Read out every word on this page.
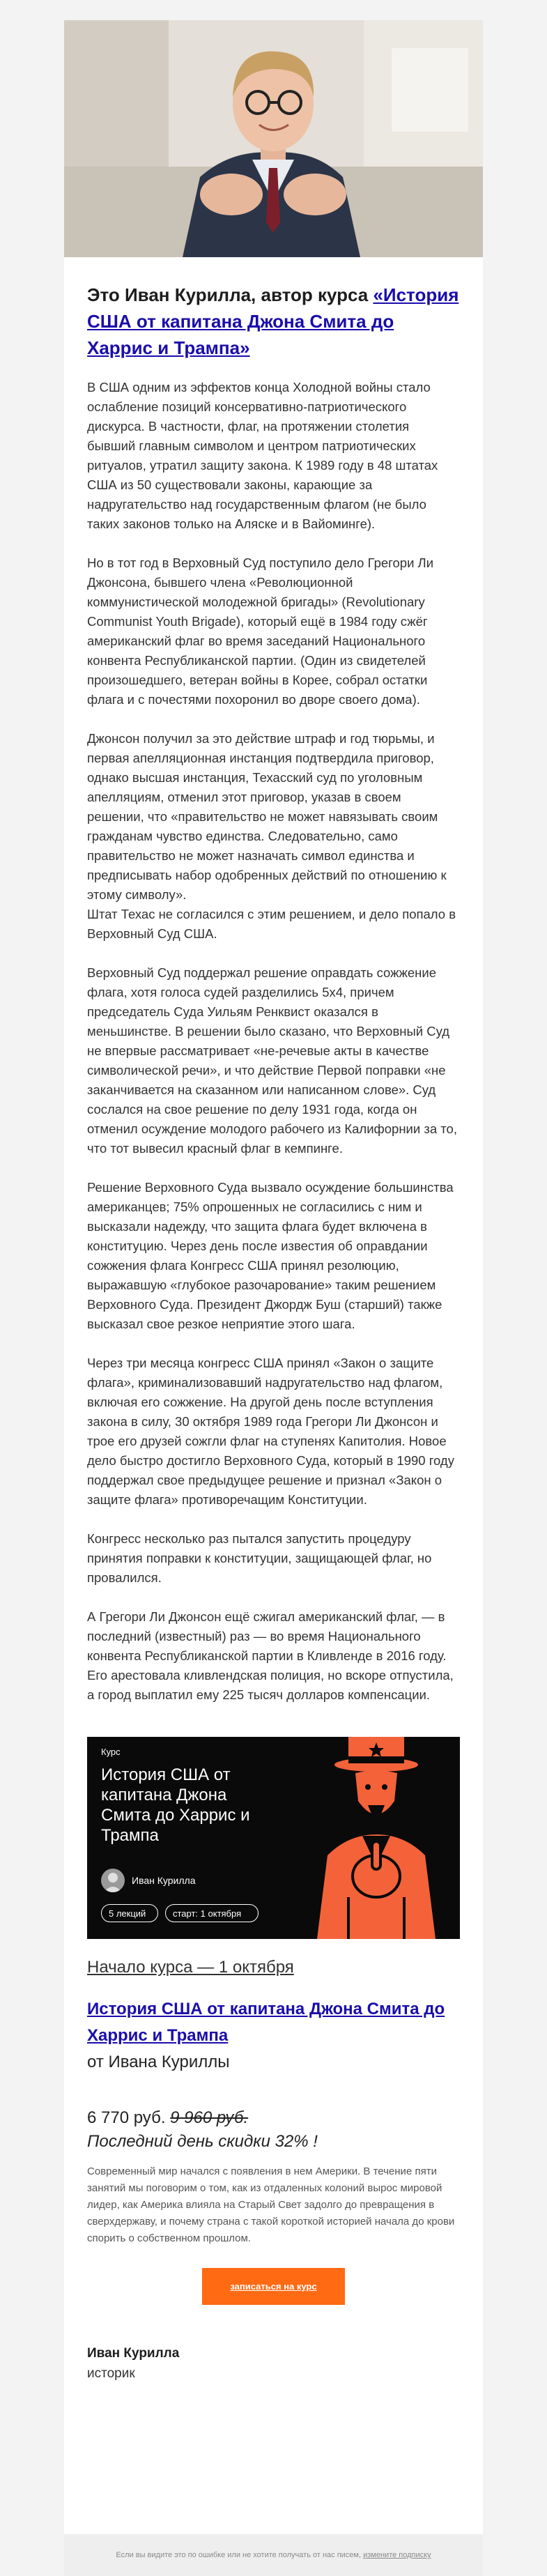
Это Иван Курилла, автор курса «История США от капитана Джона Смита до Харрис и Трампа»

В США одним из эффектов конца Холодной войны стало ослабление позиций консервативно-патриотического дискурса. В частности, флаг, на протяжении столетия бывший главным символом и центром патриотических ритуалов, утратил защиту закона. К 1989 году в 48 штатах США из 50 существовали законы, карающие за надругательство над государственным флагом (не было таких законов только на Аляске и в Вайоминге).

Но в тот год в Верховный Суд поступило дело Грегори Ли Джонсона, бывшего члена «Революционной коммунистической молодежной бригады» (Revolutionary Communist Youth Brigade), который ещё в 1984 году сжёг американский флаг во время заседаний Национального конвента Республиканской партии. (Один из свидетелей произошедшего, ветеран войны в Корее, собрал остатки флага и с почестями похоронил во дворе своего дома).

Джонсон получил за это действие штраф и год тюрьмы, и первая апелляционная инстанция подтвердила приговор, однако высшая инстанция, Техасский суд по уголовным апелляциям, отменил этот приговор, указав в своем решении, что «правительство не может навязывать своим гражданам чувство единства. Следовательно, само правительство не может назначать символ единства и предписывать набор одобренных действий по отношению к этому символу».

Штат Техас не согласился с этим решением, и дело попало в Верховный Суд США.

Верховный Суд поддержал решение оправдать сожжение флага, хотя голоса судей разделились 5x4, причем председатель Суда Уильям Ренквист оказался в меньшинстве. В решении было сказано, что Верховный Суд не впервые рассматривает «не-речевые акты в качестве символической речи», и что действие Первой поправки «не заканчивается на сказанном или написанном слове». Суд сослался на свое решение по делу 1931 года, когда он отменил осуждение молодого рабочего из Калифорнии за то, что тот вывесил красный флаг в кемпинге.

Решение Верховного Суда вызвало осуждение большинства американцев; 75% опрошенных не согласились с ним и высказали надежду, что защита флага будет включена в конституцию. Через день после известия об оправдании сожжения флага Конгресс США принял резолюцию, выражавшую «глубокое разочарование» таким решением Верховного Суда. Президент Джордж Буш (старший) также высказал свое резкое неприятие этого шага.

Через три месяца конгресс США принял «Закон о защите флага», криминализовавший надругательство над флагом, включая его сожжение. На другой день после вступления закона в силу, 30 октября 1989 года Грегори Ли Джонсон и трое его друзей сожгли флаг на ступенях Капитолия. Новое дело быстро достигло Верховного Суда, который в 1990 году поддержал свое предыдущее решение и признал «Закон о защите флага» противоречащим Конституции.

Конгресс несколько раз пытался запустить процедуру принятия поправки к конституции, защищающей флаг, но провалился.

А Грегори Ли Джонсон ещё сжигал американский флаг, — в последний (известный) раз — во время Национального конвента Республиканской партии в Кливленде в 2016 году. Его арестовала кливлендская полиция, но вскоре отпустила, а город выплатил ему 225 тысяч долларов компенсации.

Курс
История США от капитана Джона Смита до Харрис и Трампа
Иван Курилла
5 лекций	старт: 1 октября

Начало курса — 1 октября

История США от капитана Джона Смита до Харрис и Трампа

от Ивана Куриллы

6 770 руб. 9 960 руб.

Последний день скидки 32% !

Современный мир начался с появления в нем Америки. В течение пяти занятий мы поговорим о том, как из отдаленных колоний вырос мировой лидер, как Америка влияла на Старый Свет задолго до превращения в сверхдержаву, и почему страна с такой короткой историей начала до крови спорить о собственном прошлом.

записаться на курс

Иван Курилла

историк

Если вы видите это по ошибке или не хотите получать от нас писем, измените подписку
